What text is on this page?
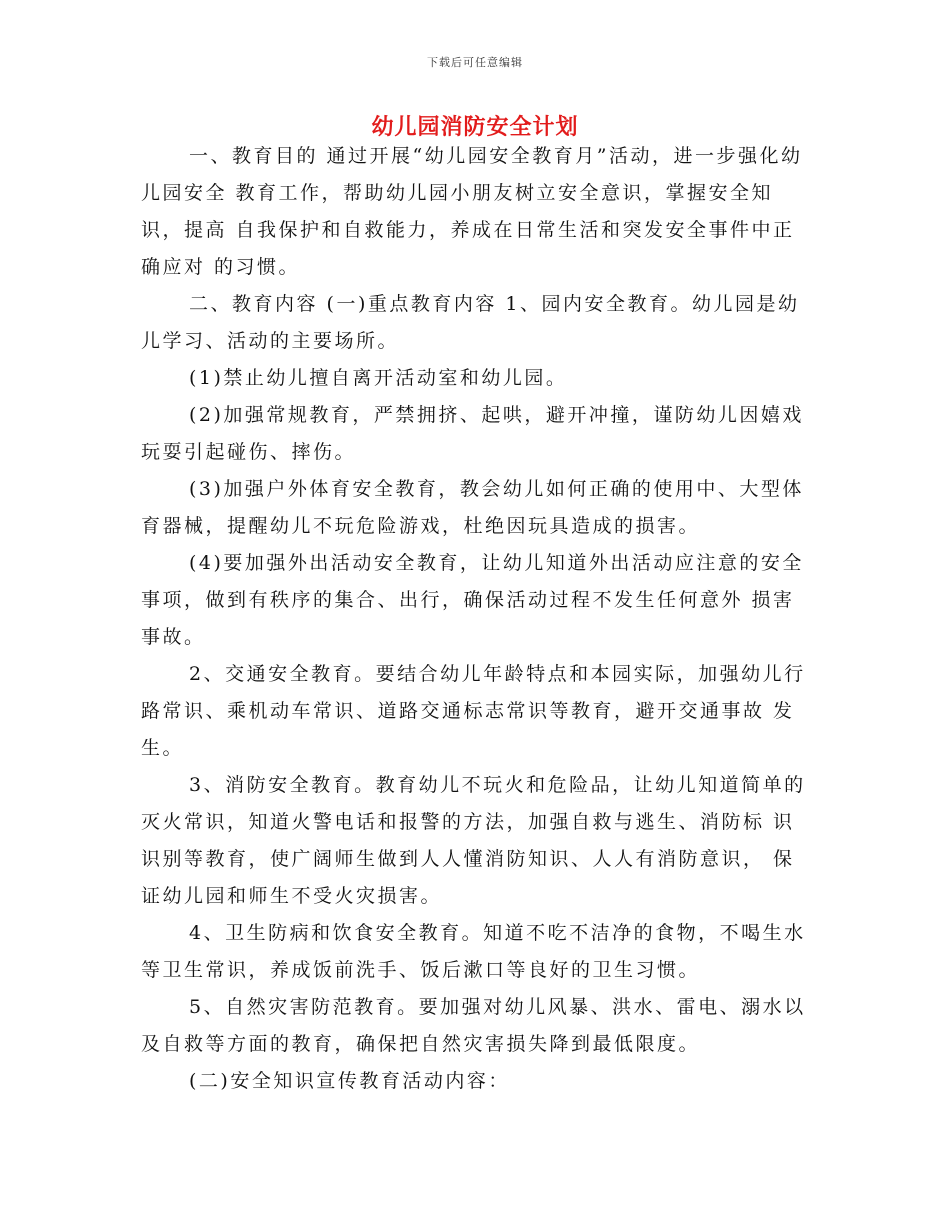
下载后可任意编辑
幼儿园消防安全计划

一、教育目的 通过开展“幼儿园安全教育月”活动，进一步强化幼儿园安全 教育工作，帮助幼儿园小朋友树立安全意识，掌握安全知识，提高 自我保护和自救能力，养成在日常生活和突发安全事件中正确应对 的习惯。

二、教育内容 (一)重点教育内容 1、园内安全教育。幼儿园是幼儿学习、活动的主要场所。

(1)禁止幼儿擅自离开活动室和幼儿园。

(2)加强常规教育，严禁拥挤、起哄，避开冲撞，谨防幼儿因嬉戏玩耍引起碰伤、摔伤。

(3)加强户外体育安全教育，教会幼儿如何正确的使用中、大型体育器械，提醒幼儿不玩危险游戏，杜绝因玩具造成的损害。

(4)要加强外出活动安全教育，让幼儿知道外出活动应注意的安全事项，做到有秩序的集合、出行，确保活动过程不发生任何意外 损害事故。

2、交通安全教育。要结合幼儿年龄特点和本园实际，加强幼儿行路常识、乘机动车常识、道路交通标志常识等教育，避开交通事故 发生。

3、消防安全教育。教育幼儿不玩火和危险品，让幼儿知道简单的灭火常识，知道火警电话和报警的方法，加强自救与逃生、消防标 识识别等教育，使广阔师生做到人人懂消防知识、人人有消防意识， 保证幼儿园和师生不受火灾损害。

4、卫生防病和饮食安全教育。知道不吃不洁净的食物，不喝生水等卫生常识，养成饭前洗手、饭后漱口等良好的卫生习惯。

5、自然灾害防范教育。要加强对幼儿风暴、洪水、雷电、溺水以及自救等方面的教育，确保把自然灾害损失降到最低限度。

(二)安全知识宣传教育活动内容：
